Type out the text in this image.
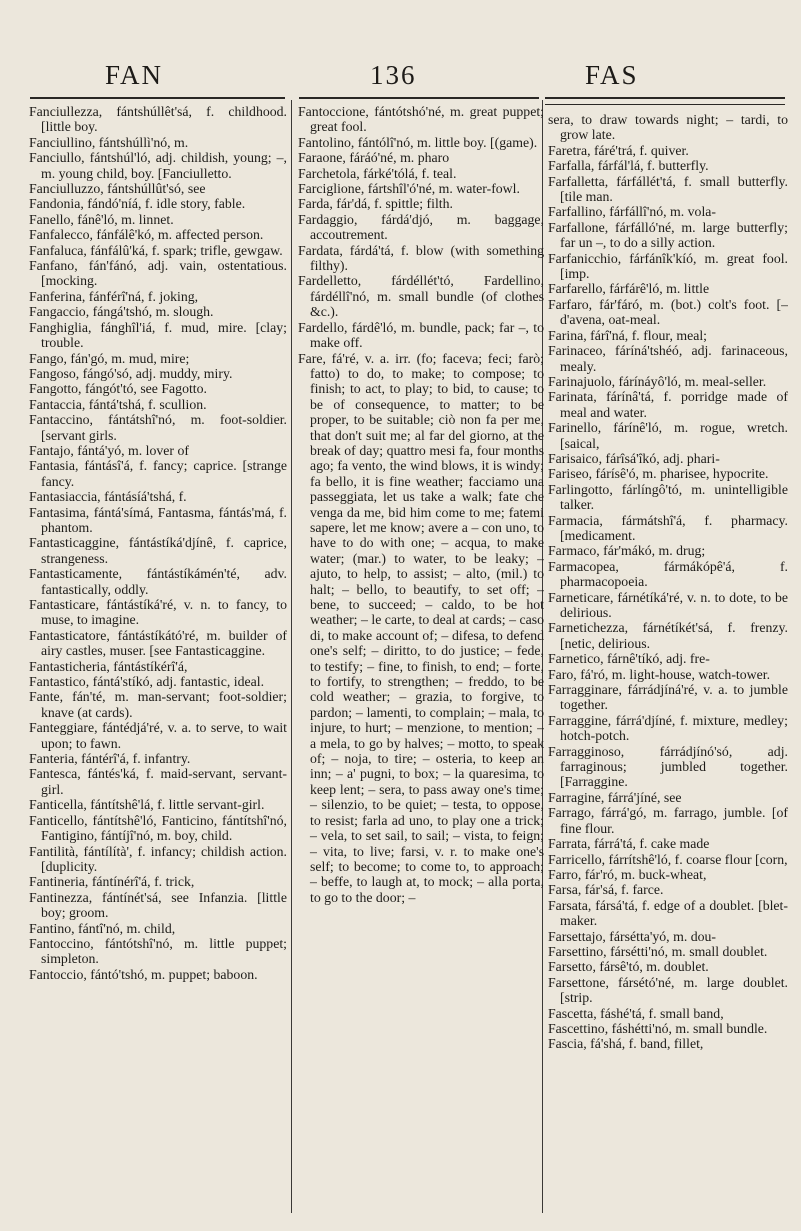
FAN	136	FAS
Fanciullezza, fántshúllêt'sá, f. childhood. [little boy.
Fanciullino, fántshúllì'nó, m.
Fanciullo, fántshúl'ló, adj. childish, young; –, m. young child, boy. [Fanciulletto.
Fanciulluzzo, fántshúllût'só, see
Fandonia, fándó'níá, f. idle story, fable.
Fanello, fánê'ló, m. linnet.
Fanfalecco, fánfálê'kó, m. affected person.
Fanfaluca, fánfálû'ká, f. spark; trifle, gewgaw.
Fanfano, fán'fánó, adj. vain, ostentatious. [mocking.
Fanferina, fánférî'ná, f. joking,
Fangaccio, fángá'tshó, m. slough.
Fanghiglia, fánghîl'iá, f. mud, mire. [clay; trouble.
Fango, fán'gó, m. mud, mire;
Fangoso, fángó'só, adj. muddy, miry.
Fangotto, fángót'tó, see Fagotto.
Fantaccia, fántá'tshá, f. scullion.
Fantaccino, fántátshî'nó, m. foot-soldier. [servant girls.
Fantajo, fántá'yó, m. lover of
Fantasia, fántásî'á, f. fancy; caprice. [strange fancy.
Fantasiaccia, fántásíá'tshá, f.
Fantasima, fántá'símá, Fantasma, fántás'má, f. phantom.
Fantasticaggine, fántástíká'djínê, f. caprice, strangeness.
Fantasticamente, fántástíkámén'té, adv. fantastically, oddly.
Fantasticare, fántástíká'ré, v. n. to fancy, to muse, to imagine.
Fantasticatore, fántástíkátó'ré, m. builder of airy castles, muser. [see Fantasticaggine.
Fantasticheria, fántástíkérî'á,
Fantastico, fántá'stíkó, adj. fantastic, ideal.
Fante, fán'té, m. man-servant; foot-soldier; knave (at cards).
Fanteggiare, fántédjá'ré, v. a. to serve, to wait upon; to fawn.
Fanteria, fántérî'á, f. infantry.
Fantesca, fántés'ká, f. maid-servant, servant-girl.
Fanticella, fántítshê'lá, f. little servant-girl.
Fanticello, fántítshê'ló, Fanticino, fántítshî'nó, Fantigino, fántíjî'nó, m. boy, child.
Fantilità, fántílítà', f. infancy; childish action. [duplicity.
Fantineria, fántínérî'á, f. trick,
Fantinezza, fántínét'sá, see Infanzia. [little boy; groom.
Fantino, fántî'nó, m. child,
Fantoccino, fántótshî'nó, m. little puppet; simpleton.
Fantoccio, fántó'tshó, m. puppet; baboon.
Fantoccione, fántótshó'né, m. great puppet; great fool.
Fantolino, fántólî'nó, m. little boy. [(game).
Faraone, fáráó'né, m. pharo
Farchetola, fárké'tólá, f. teal.
Farciglione, fártshîl'ó'né, m. water-fowl.
Farda, fár'dá, f. spittle; filth.
Fardaggio, fárdá'djó, m. baggage, accoutrement.
Fardata, fárdá'tá, f. blow (with something filthy).
Fardelletto, fárdéllét'tó, Fardellino, fárdéllî'nó, m. small bundle (of clothes &c.).
Fardello, fárdê'ló, m. bundle, pack; far –, to make off.
Fare, fá'ré, v. a. irr. (fo; faceva; feci; farò; fatto) to do, to make; to compose; to finish; to act, to play; to bid, to cause; to be of consequence, to matter; to be proper, to be suitable; ciò non fa per me, that don't suit me; al far del giorno, at the break of day; quattro mesi fa, four months ago; fa vento, the wind blows, it is windy; fa bello, it is fine weather; facciamo una passeggiata, let us take a walk; fate che venga da me, bid him come to me; fatemi sapere, let me know; avere a – con uno, to have to do with one; – acqua, to make water; (mar.) to water, to be leaky; – ajuto, to help, to assist; – alto, (mil.) to halt; – bello, to beautify, to set off; – bene, to succeed; – caldo, to be hot weather; – le carte, to deal at cards; – caso di, to make account of; – difesa, to defend one's self; – diritto, to do justice; – fede, to testify; – fine, to finish, to end; – forte, to fortify, to strengthen; – freddo, to be cold weather; – grazia, to forgive, to pardon; – lamenti, to complain; – mala, to injure, to hurt; – menzione, to mention; – a mela, to go by halves; – motto, to speak of; – noja, to tire; – osteria, to keep an inn; – a' pugni, to box; – la quaresima, to keep lent; – sera, to pass away one's time; – silenzio, to be quiet; – testa, to oppose, to resist; farla ad uno, to play one a trick; – vela, to set sail, to sail; – vista, to feign; – vita, to live; farsi, v. r. to make one's self; to become; to come to, to approach; – beffe, to laugh at, to mock; – alla porta, to go to the door; –
sera, to draw towards night; – tardi, to grow late.
Faretra, fáré'trá, f. quiver.
Farfalla, fárfál'lá, f. butterfly.
Farfalletta, fárfállét'tá, f. small butterfly. [tile man.
Farfallino, fárfállî'nó, m. vola-
Farfallone, fárfálló'né, m. large butterfly; far un –, to do a silly action.
Farfanicchio, fárfánîk'kíó, m. great fool. [imp.
Farfarello, fárfárê'ló, m. little
Farfaro, fár'fáró, m. (bot.) colt's foot. [– d'avena, oat-meal.
Farina, fárî'ná, f. flour, meal;
Farinaceo, fáríná'tshéó, adj. farinaceous, mealy.
Farinajuolo, fárínáyô'ló, m. meal-seller.
Farinata, fárínâ'tá, f. porridge made of meal and water.
Farinello, fárínê'ló, m. rogue, wretch. [saical,
Farisaico, fárîsá'îkó, adj. phari-
Fariseo, fárísê'ó, m. pharisee, hypocrite.
Farlingotto, fárlíngô'tó, m. unintelligible talker.
Farmacia, fármátshî'á, f. pharmacy. [medicament.
Farmaco, fár'mákó, m. drug;
Farmacopea, fármákópê'á, f. pharmacopoeia.
Farneticare, fárnétíká'ré, v. n. to dote, to be delirious.
Farnetichezza, fárnétíkét'sá, f. frenzy. [netic, delirious.
Farnetico, fárnê'tíkó, adj. fre-
Faro, fá'ró, m. light-house, watch-tower.
Farragginare, fárrádjíná'ré, v. a. to jumble together.
Farraggine, fárrá'djíné, f. mixture, medley; hotch-potch.
Farragginoso, fárrádjínó'só, adj. farraginous; jumbled together. [Farraggine.
Farragine, fárrá'jíné, see
Farrago, fárrá'gó, m. farrago, jumble. [of fine flour.
Farrata, fárrá'tá, f. cake made
Farricello, fárrítshê'ló, f. coarse flour [corn,
Farro, fár'ró, m. buck-wheat,
Farsa, fár'sá, f. farce.
Farsata, fársá'tá, f. edge of a doublet. [blet-maker.
Farsettajo, fársétta'yó, m. dou-
Farsettino, fársétti'nó, m. small doublet.
Farsetto, fársê'tó, m. doublet.
Farsettone, fársétó'né, m. large doublet. [strip.
Fascetta, fáshé'tá, f. small band,
Fascettino, fáshétti'nó, m. small bundle.
Fascia, fá'shá, f. band, fillet,
